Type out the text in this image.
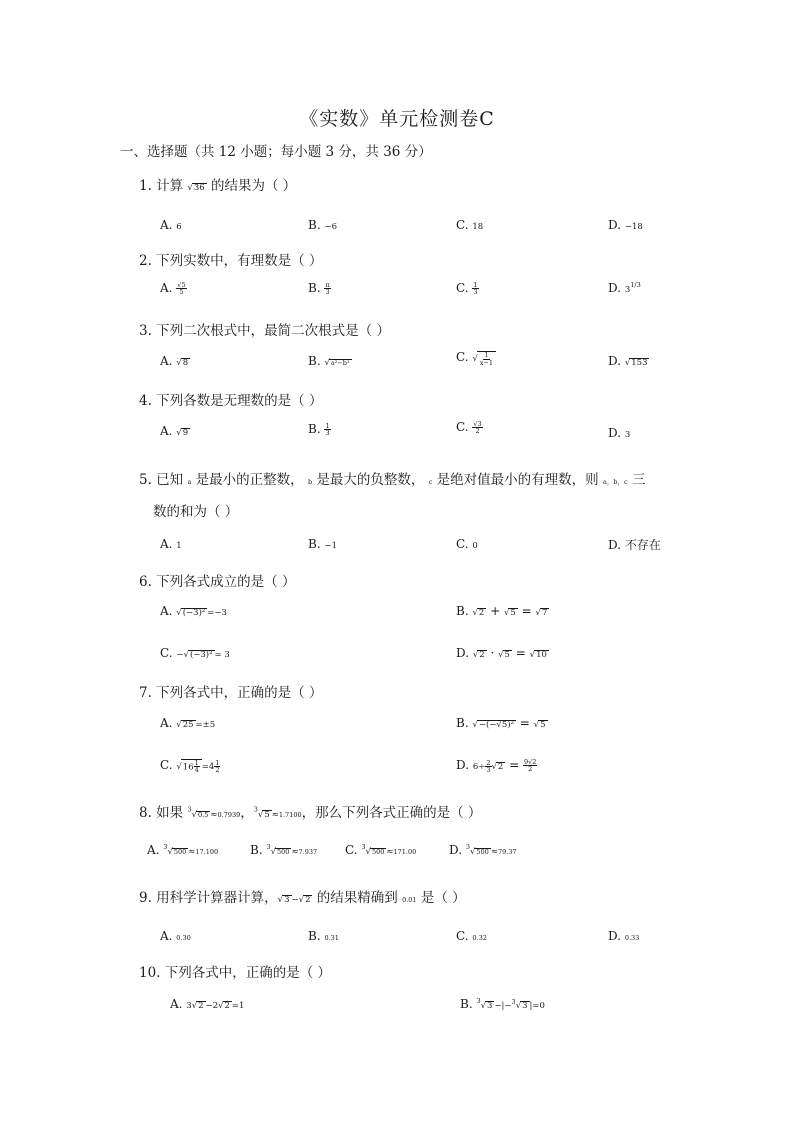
《实数》单元检测卷C
一、选择题（共 12 小题；每小题 3 分，共 36 分）
1. 计算 √36 的结果为（ ）
A. 6	B. −6	C. 18	D. −18
2. 下列实数中，有理数是（ ）
A. $\frac{√5}{5}$	B. $\frac{\pi}{3}$	C. $\frac{1}{3}$	D. $3^{1/3}$
3. 下列二次根式中，最简二次根式是（ ）
A. √8	B. √a²−b²	C. √ $\frac{1}{x-1}$	D. √153
4. 下列各数是无理数的是（ ）
A. √9	B. $\frac{1}{3}$	C. $\frac{√3}{2}$	D. 3
5. 已知 a 是最小的正整数， b 是最大的负整数， c 是绝对值最小的有理数，则 a，b，c 三
数的和为（ ）
A. 1	B. −1	C. 0	D. 不存在
6. 下列各式成立的是（ ）
A. √(−3)² =−3	B. √2 + √5 = √7
C. −√(−3)² = 3	D. √2 · √5 = √10
7. 下列各式中，正确的是（ ）
A. √25 =±5	B. √−(−√5)² = √5
C. $√16 \frac{1}{4} =4 \frac{1}{2}$	D. $6\div \frac{2}{3} √2 = \frac{9√2}{2}$
8. 如果 $^3$√0.5 ≈0.7939，$^3$√5 ≈1.7100，那么下列各式正确的是（ ）
A. $^3$√500 ≈17.100	B. $^3$√500 ≈7.937 C. $^3$√500 ≈171.00	D. $^3$√500 ≈79.37
9. 用科学计算器计算，√3 −√2 的结果精确到 0.01 是（ ）
A. 0.30	B. 0.31	C. 0.32	D. 0.33
10. 下列各式中，正确的是（ ）
A. 3√2 −2√2 =1	B. $^3$√3 −|−$^3$√3 |=0
